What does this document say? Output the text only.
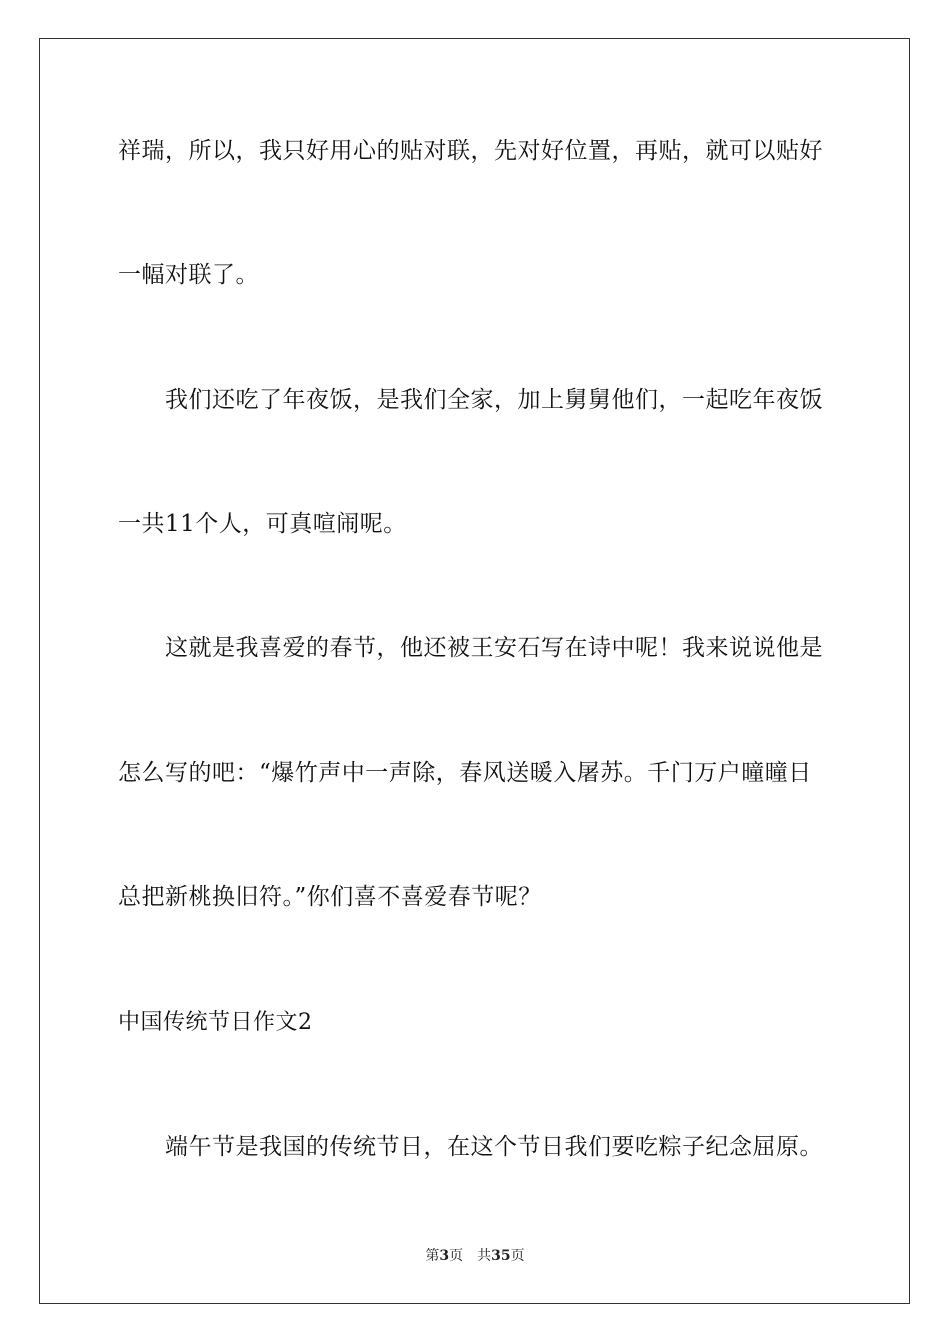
祥瑞，所以，我只好用心的贴对联，先对好位置，再贴，就可以贴好
一幅对联了。
我们还吃了年夜饭，是我们全家，加上舅舅他们，一起吃年夜饭
一共11个人，可真喧闹呢。
这就是我喜爱的春节，他还被王安石写在诗中呢！我来说说他是
怎么写的吧：“爆竹声中一声除，春风送暖入屠苏。千门万户曈曈日
总把新桃换旧符。”你们喜不喜爱春节呢？
中国传统节日作文2
端午节是我国的传统节日，在这个节日我们要吃粽子纪念屈原。
第3页 共35页
